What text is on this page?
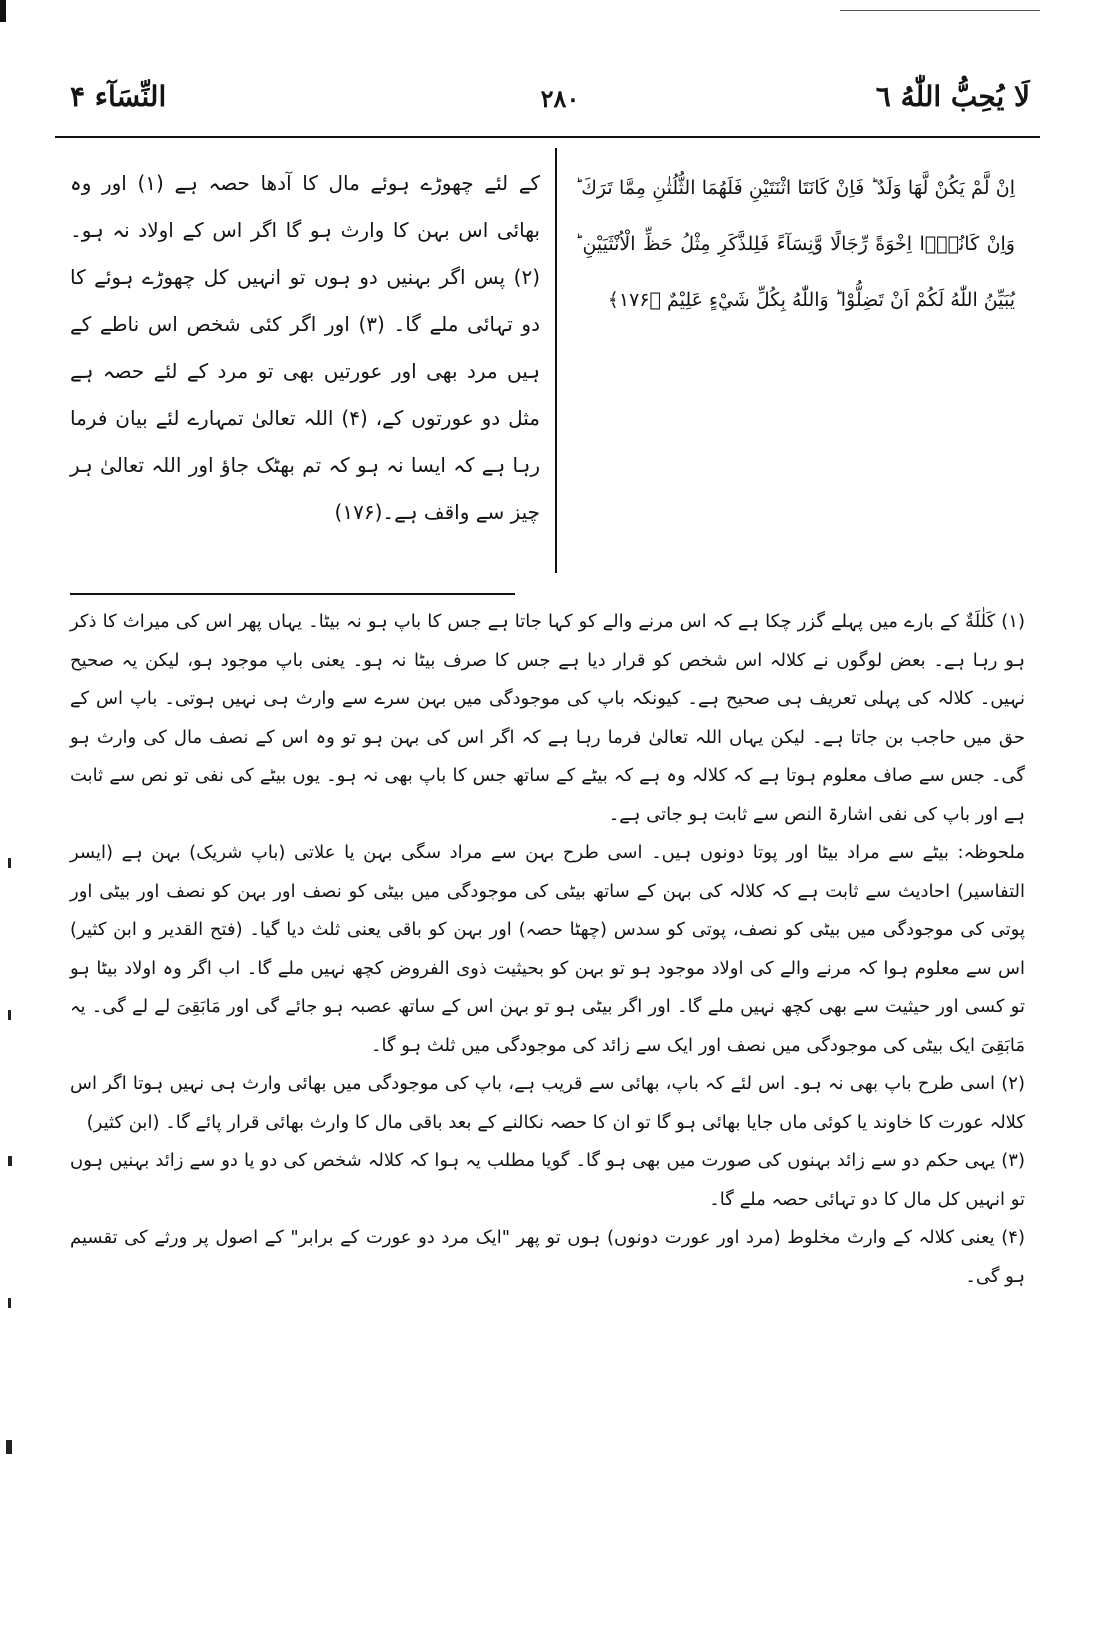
النِّسَآء ۴	۲۸۰	لَا يُحِبُّ اللّٰهُ ٦
اِنْ لَّمْ يَكُنْ لَّهَا وَلَدٌ ؕ فَاِنْ كَانَتَا اثْنَتَيْنِ فَلَهُمَا الثُّلُثٰنِ مِمَّا تَرَكَ ؕ وَاِنْ كَانُوْۤا اِخْوَةً رِّجَالًا وَّنِسَآءً فَلِلذَّكَرِ مِثْلُ حَظِّ الْاُنْثَيَيْنِ ؕ يُبَيِّنُ اللّٰهُ لَكُمْ اَنْ تَضِلُّوْا ؕ وَاللّٰهُ بِكُلِّ شَيْءٍ عَلِيْمٌ ﴿۱۷۶﴾
کے لئے چھوڑے ہوئے مال کا آدھا حصہ ہے (۱) اور وہ بھائی اس بہن کا وارث ہو گا اگر اس کے اولاد نہ ہو۔ (۲) پس اگر بہنیں دو ہوں تو انہیں کل چھوڑے ہوئے کا دو تہائی ملے گا۔ (۳) اور اگر کئی شخص اس ناطے کے ہیں مرد بھی اور عورتیں بھی تو مرد کے لئے حصہ ہے مثل دو عورتوں کے، (۴) اللہ تعالیٰ تمہارے لئے بیان فرما رہا ہے کہ ایسا نہ ہو کہ تم بھٹک جاؤ اور اللہ تعالیٰ ہر چیز سے واقف ہے۔(۱۷۶)

(۱) کَلٰلَةٌ کے بارے میں پہلے گزر چکا ہے کہ اس مرنے والے کو کہا جاتا ہے جس کا باپ ہو نہ بیٹا۔ یہاں پھر اس کی میراث کا ذکر ہو رہا ہے۔ بعض لوگوں نے کلالہ اس شخص کو قرار دیا ہے جس کا صرف بیٹا نہ ہو۔ یعنی باپ موجود ہو، لیکن یہ صحیح نہیں۔ کلالہ کی پہلی تعریف ہی صحیح ہے۔ کیونکہ باپ کی موجودگی میں بہن سرے سے وارث ہی نہیں ہوتی۔ باپ اس کے حق میں حاجب بن جاتا ہے۔ لیکن یہاں اللہ تعالیٰ فرما رہا ہے کہ اگر اس کی بہن ہو تو وہ اس کے نصف مال کی وارث ہو گی۔ جس سے صاف معلوم ہوتا ہے کہ کلالہ وہ ہے کہ بیٹے کے ساتھ جس کا باپ بھی نہ ہو۔ یوں بیٹے کی نفی تو نص سے ثابت ہے اور باپ کی نفی اشارۃ النص سے ثابت ہو جاتی ہے۔

ملحوظہ: بیٹے سے مراد بیٹا اور پوتا دونوں ہیں۔ اسی طرح بہن سے مراد سگی بہن یا علاتی (باپ شریک) بہن ہے (ایسر التفاسیر) احادیث سے ثابت ہے کہ کلالہ کی بہن کے ساتھ بیٹی کی موجودگی میں بیٹی کو نصف اور بہن کو نصف اور بیٹی اور پوتی کی موجودگی میں بیٹی کو نصف، پوتی کو سدس (چھٹا حصہ) اور بہن کو باقی یعنی ثلث دیا گیا۔ (فتح القدیر و ابن کثیر) اس سے معلوم ہوا کہ مرنے والے کی اولاد موجود ہو تو بہن کو بحیثیت ذوی الفروض کچھ نہیں ملے گا۔ اب اگر وہ اولاد بیٹا ہو تو کسی اور حیثیت سے بھی کچھ نہیں ملے گا۔ اور اگر بیٹی ہو تو بہن اس کے ساتھ عصبہ ہو جائے گی اور مَابَقِیَ لے لے گی۔ یہ مَابَقِیَ ایک بیٹی کی موجودگی میں نصف اور ایک سے زائد کی موجودگی میں ثلث ہو گا۔

(۲) اسی طرح باپ بھی نہ ہو۔ اس لئے کہ باپ، بھائی سے قریب ہے، باپ کی موجودگی میں بھائی وارث ہی نہیں ہوتا اگر اس کلالہ عورت کا خاوند یا کوئی ماں جایا بھائی ہو گا تو ان کا حصہ نکالنے کے بعد باقی مال کا وارث بھائی قرار پائے گا۔ (ابن کثیر)

(۳) یہی حکم دو سے زائد بہنوں کی صورت میں بھی ہو گا۔ گویا مطلب یہ ہوا کہ کلالہ شخص کی دو یا دو سے زائد بہنیں ہوں تو انہیں کل مال کا دو تہائی حصہ ملے گا۔

(۴) یعنی کلالہ کے وارث مخلوط (مرد اور عورت دونوں) ہوں تو پھر "ایک مرد دو عورت کے برابر" کے اصول پر ورثے کی تقسیم ہو گی۔
